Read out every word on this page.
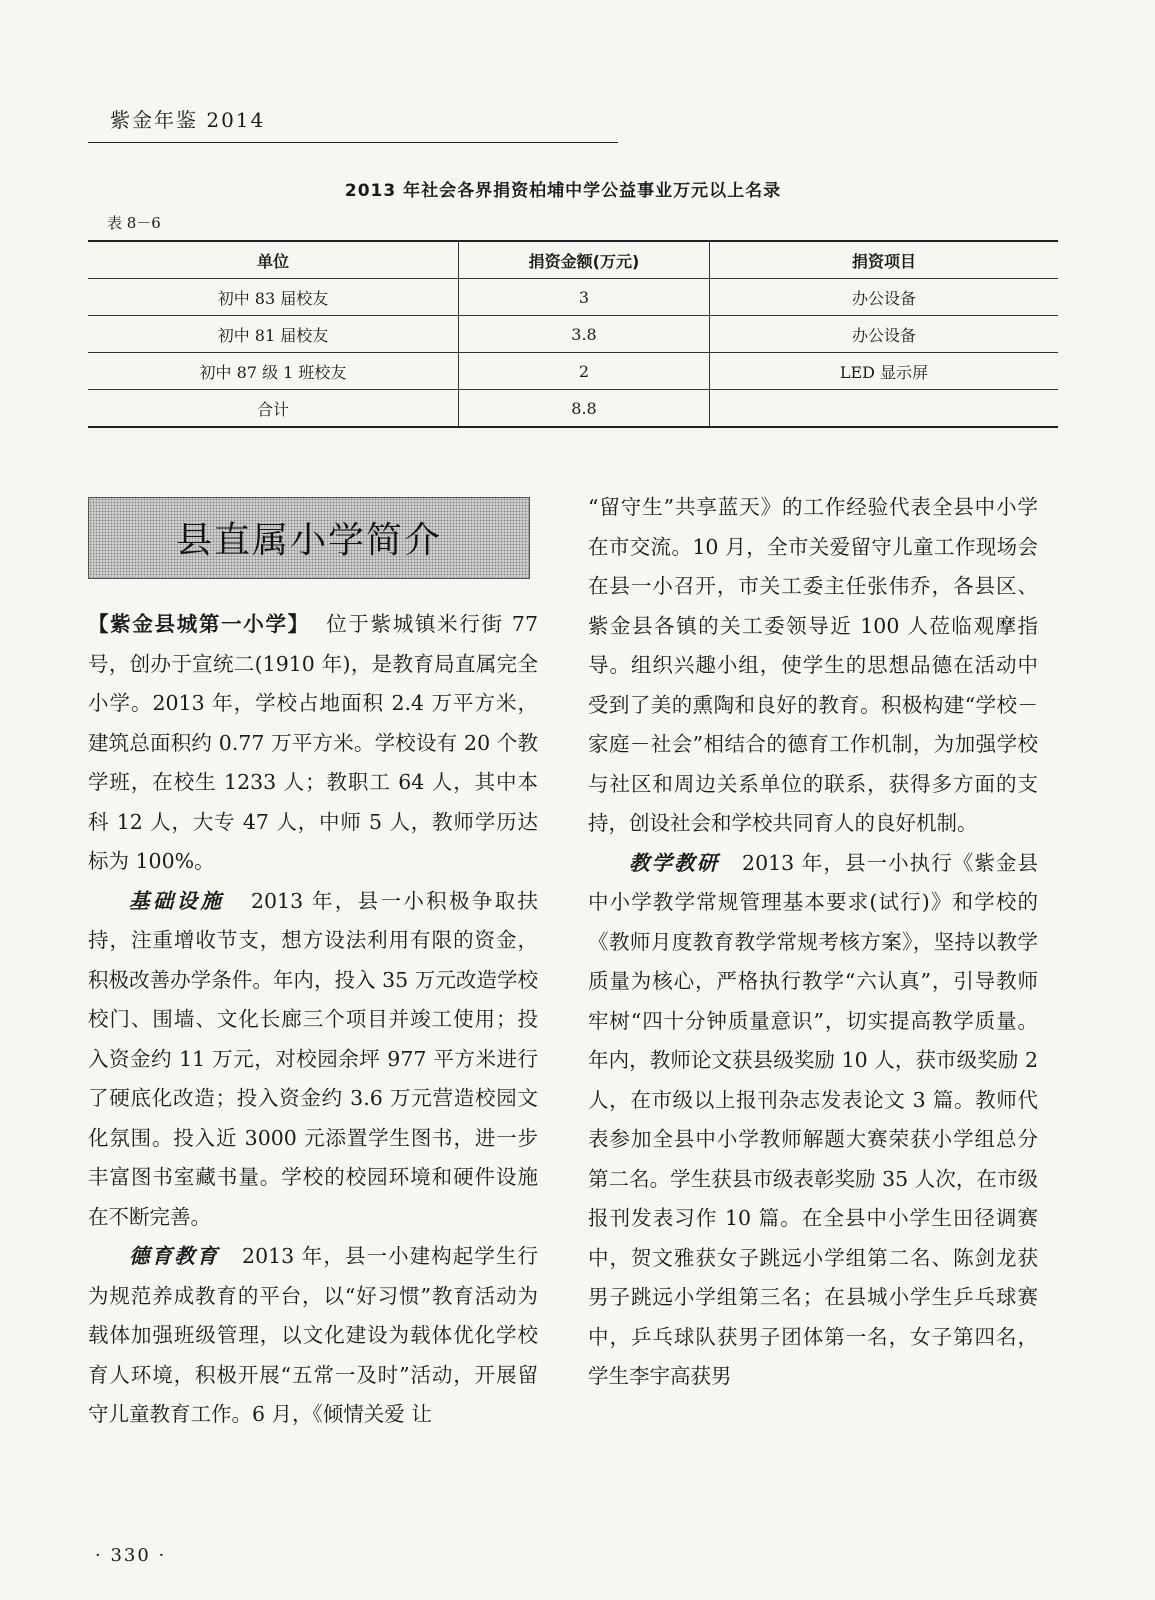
紫金年鉴 2014
2013 年社会各界捐资柏埔中学公益事业万元以上名录
表 8－6
单位	捐资金额(万元)	捐资项目
初中 83 届校友	3	办公设备
初中 81 届校友	3.8	办公设备
初中 87 级 1 班校友	2	LED 显示屏
合计	8.8	
县直属小学简介

【紫金县城第一小学】 位于紫城镇米行街 77 号，创办于宣统二(1910 年)，是教育局直属完全小学。2013 年，学校占地面积 2.4 万平方米，建筑总面积约 0.77 万平方米。学校设有 20 个教学班，在校生 1233 人；教职工 64 人，其中本科 12 人，大专 47 人，中师 5 人，教师学历达标为 100%。

基础设施 2013 年，县一小积极争取扶持，注重增收节支，想方设法利用有限的资金，积极改善办学条件。年内，投入 35 万元改造学校校门、围墙、文化长廊三个项目并竣工使用；投入资金约 11 万元，对校园余坪 977 平方米进行了硬底化改造；投入资金约 3.6 万元营造校园文化氛围。投入近 3000 元添置学生图书，进一步丰富图书室藏书量。学校的校园环境和硬件设施在不断完善。

德育教育 2013 年，县一小建构起学生行为规范养成教育的平台，以“好习惯”教育活动为载体加强班级管理，以文化建设为载体优化学校育人环境，积极开展“五常一及时”活动，开展留守儿童教育工作。6 月，《倾情关爱 让

“留守生”共享蓝天》的工作经验代表全县中小学在市交流。10 月，全市关爱留守儿童工作现场会在县一小召开，市关工委主任张伟乔，各县区、紫金县各镇的关工委领导近 100 人莅临观摩指导。组织兴趣小组，使学生的思想品德在活动中受到了美的熏陶和良好的教育。积极构建“学校－家庭－社会”相结合的德育工作机制，为加强学校与社区和周边关系单位的联系，获得多方面的支持，创设社会和学校共同育人的良好机制。

教学教研 2013 年，县一小执行《紫金县中小学教学常规管理基本要求(试行)》和学校的《教师月度教育教学常规考核方案》，坚持以教学质量为核心，严格执行教学“六认真”，引导教师牢树“四十分钟质量意识”，切实提高教学质量。年内，教师论文获县级奖励 10 人，获市级奖励 2 人，在市级以上报刊杂志发表论文 3 篇。教师代表参加全县中小学教师解题大赛荣获小学组总分第二名。学生获县市级表彰奖励 35 人次，在市级报刊发表习作 10 篇。在全县中小学生田径调赛中，贺文雅获女子跳远小学组第二名、陈剑龙获男子跳远小学组第三名；在县城小学生乒乓球赛中，乒乓球队获男子团体第一名，女子第四名，学生李宇高获男

· 330 ·
